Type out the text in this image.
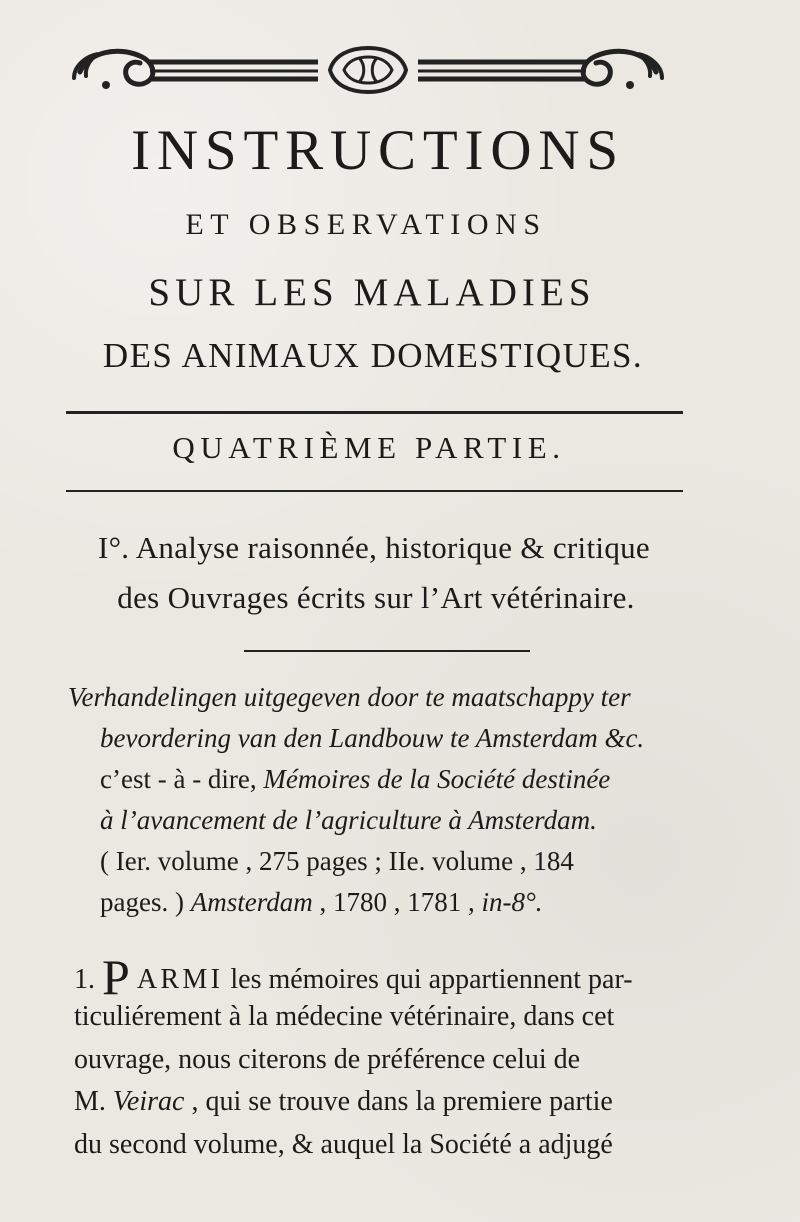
INSTRUCTIONS
ET OBSERVATIONS
SUR LES MALADIES
DES ANIMAUX DOMESTIQUES.
QUATRIÈME PARTIE.
I°. Analyse raisonnée, historique & critique
des Ouvrages écrits sur l’Art vétérinaire.
Verhandelingen uitgegeven door te maatschappy ter
bevordering van den Landbouw te Amsterdam &c.
c’est - à - dire, Mémoires de la Société destinée
à l’avancement de l’agriculture à Amsterdam.
( Ier. volume , 275 pages ; IIe. volume , 184
pages. ) Amsterdam , 1780 , 1781 , in-8°.
1. P ARMI les mémoires qui appartiennent par-
ticuliérement à la médecine vétérinaire, dans cet
ouvrage, nous citerons de préférence celui de
M. Veirac , qui se trouve dans la premiere partie
du second volume, & auquel la Société a adjugé
